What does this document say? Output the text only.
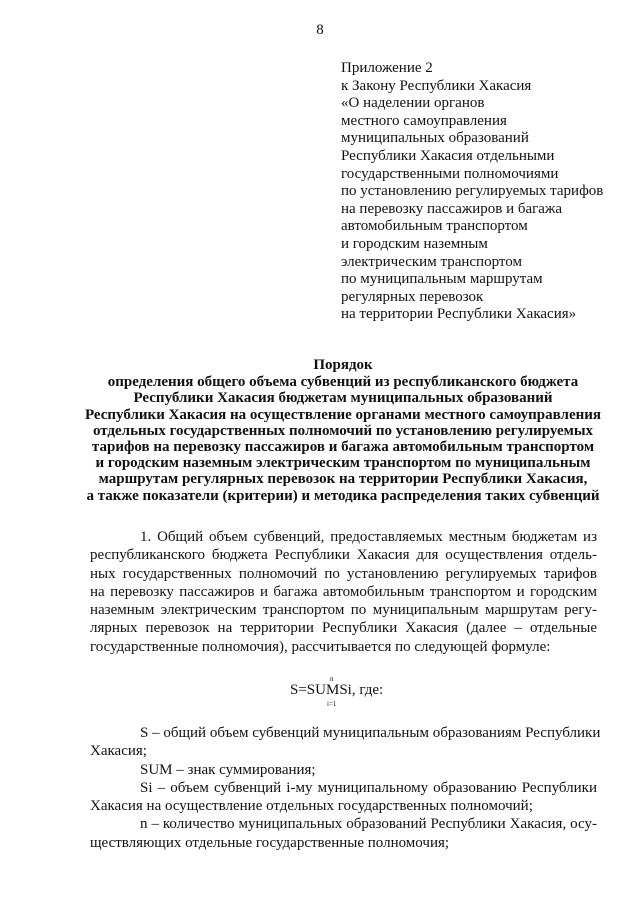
8
Приложение 2
к Закону Республики Хакасия
«О наделении органов
местного самоуправления
муниципальных образований
Республики Хакасия отдельными
государственными полномочиями
по установлению регулируемых тарифов
на перевозку пассажиров и багажа
автомобильным транспортом
и городским наземным
электрическим транспортом
по муниципальным маршрутам
регулярных перевозок
на территории Республики Хакасия»
Порядок
определения общего объема субвенций из республиканского бюджета
Республики Хакасия бюджетам муниципальных образований
Республики Хакасия на осуществление органами местного самоуправления
отдельных государственных полномочий по установлению регулируемых
тарифов на перевозку пассажиров и багажа автомобильным транспортом
и городским наземным электрическим транспортом по муниципальным
маршрутам регулярных перевозок на территории Республики Хакасия,
а также показатели (критерии) и методика распределения таких субвенций
1. Общий объем субвенций, предоставляемых местным бюджетам из
республиканского бюджета Республики Хакасия для осуществления отдель-
ных государственных полномочий по установлению регулируемых тарифов
на перевозку пассажиров и багажа автомобильным транспортом и городским
наземным электрическим транспортом по муниципальным маршрутам регу-
лярных перевозок на территории Республики Хакасия (далее – отдельные
государственные полномочия), рассчитывается по следующей формуле:
n
S=SUMSi, где:
i=1
S – общий объем субвенций муниципальным образованиям Республики
Хакасия;
SUM – знак суммирования;
Si – объем субвенций i-му муниципальному образованию Республики
Хакасия на осуществление отдельных государственных полномочий;
n – количество муниципальных образований Республики Хакасия, осу-
ществляющих отдельные государственные полномочия;
